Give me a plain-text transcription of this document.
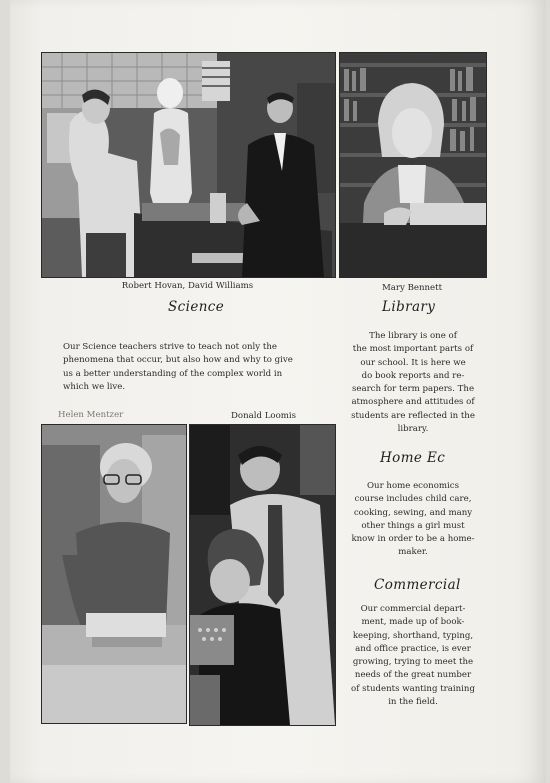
Robert Hovan, David Williams	Mary Bennett
Science	Library
Our Science teachers strive to teach not only the
phenomena that occur, but also how and why to give
us a better understanding of the complex world in
which we live.
The library is one of
the most important parts of
our school. It is here we
do book reports and re-
search for term papers. The
atmosphere and attitudes of
students are reflected in the
library.
Helen Mentzer	Donald Loomis
Home Ec
Our home economics
course includes child care,
cooking, sewing, and many
other things a girl must
know in order to be a home-
maker.
Commercial
Our commercial depart-
ment, made up of book-
keeping, shorthand, typing,
and office practice, is ever
growing, trying to meet the
needs of the great number
of students wanting training
in the field.
